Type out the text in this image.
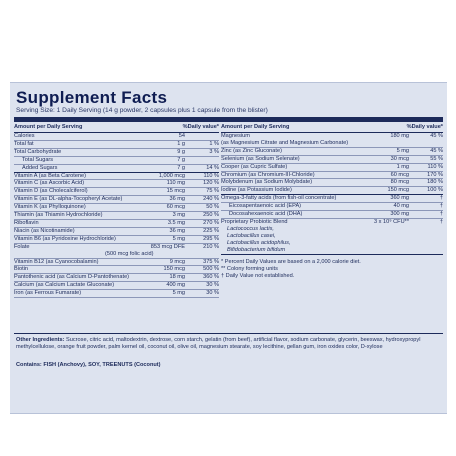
Supplement Facts
Serving Size: 1 Daily Serving (14 g powder, 2 capsules plus 1 capsule from the blister)
Amount per Daily Serving	%Daily value*
Calories	54
Total fat	1 g	1 %
Total Carbohydrate	9 g	3 %
Total Sugars	7 g
Added Sugars	7 g	14 %
Vitamin A (as Beta Carotene)	1,000 mcg	110 %
Vitamin C (as Ascorbic Acid)	110 mg	120 %
Vitamin D (as Cholecalciferol)	15 mcg	75 %
Vitamin E (as DL-alpha-Tocopheryl Acetate)	36 mg	240 %
Vitamin K (as Phylloquinone)	60 mcg	50 %
Thiamin (as Thiamin Hydrochloride)	3 mg	250 %
Riboflavin	3.5 mg	270 %
Niacin (as Nicotinamide)	36 mg	225 %
Vitamin B6 (as Pyridoxine Hydrochloride)	5 mg	295 %
Folate	853 mcg DFE	210 %
(500 mcg folic acid)
Vitamin B12 (as Cyanocobalamin)	9 mcg	375 %
Biotin	150 mcg	500 %
Pantothenic acid (as Calcium D-Pantothenate)	18 mg	360 %
Calcium (as Calcium Lactate Gluconate)	400 mg	30 %
Iron (as Ferrous Fumarate)	5 mg	30 %
Amount per Daily Serving	%Daily value*
Magnesium	180 mg	45 %
(as Magnesium Citrate and Magnesium Carbonate)
Zinc (as Zinc Gluconate)	5 mg	45 %
Selenium (as Sodium Selenate)	30 mcg	55 %
Cooper (as Cupric Sulfate)	1 mg	110 %
Chromium (as Chromium-III-Chloride)	60 mcg	170 %
Molybdenum (as Sodium Molybdate)	80 mcg	180 %
Iodine (as Potassium Iodide)	150 mcg	100 %
Omega-3-fatty acids (from fish-oil concentrate)	360 mg	†
Eicosapentaenoic acid (EPA)	40 mg	†
Docosahexaenoic acid (DHA)	300 mg	†
Proprietary Probiotic Blend	3 x 10⁹ CFU**	†
Lactococcus lactis,
Lactobacillus casei,
Lactobacillus acidophilus,
Bifidobacterium bifidum
* Percent Daily Values are based on a 2,000 calorie diet.
** Colony forming units
† Daily Value not established.
Other Ingredients: Sucrose, citric acid, maltodextrin, dextrose, corn starch, gelatin (from beef), artificial flavor, sodium carbonate, glycerin, beeswax, hydroxypropyl methylcellulose, orange fruit powder, palm kernel oil, coconut oil, olive oil, magnesium stearate, soy lecithine, gellan gum, iron oxides color, D-xylose
Contains: FISH (Anchovy), SOY, TREENUTS (Coconut)
